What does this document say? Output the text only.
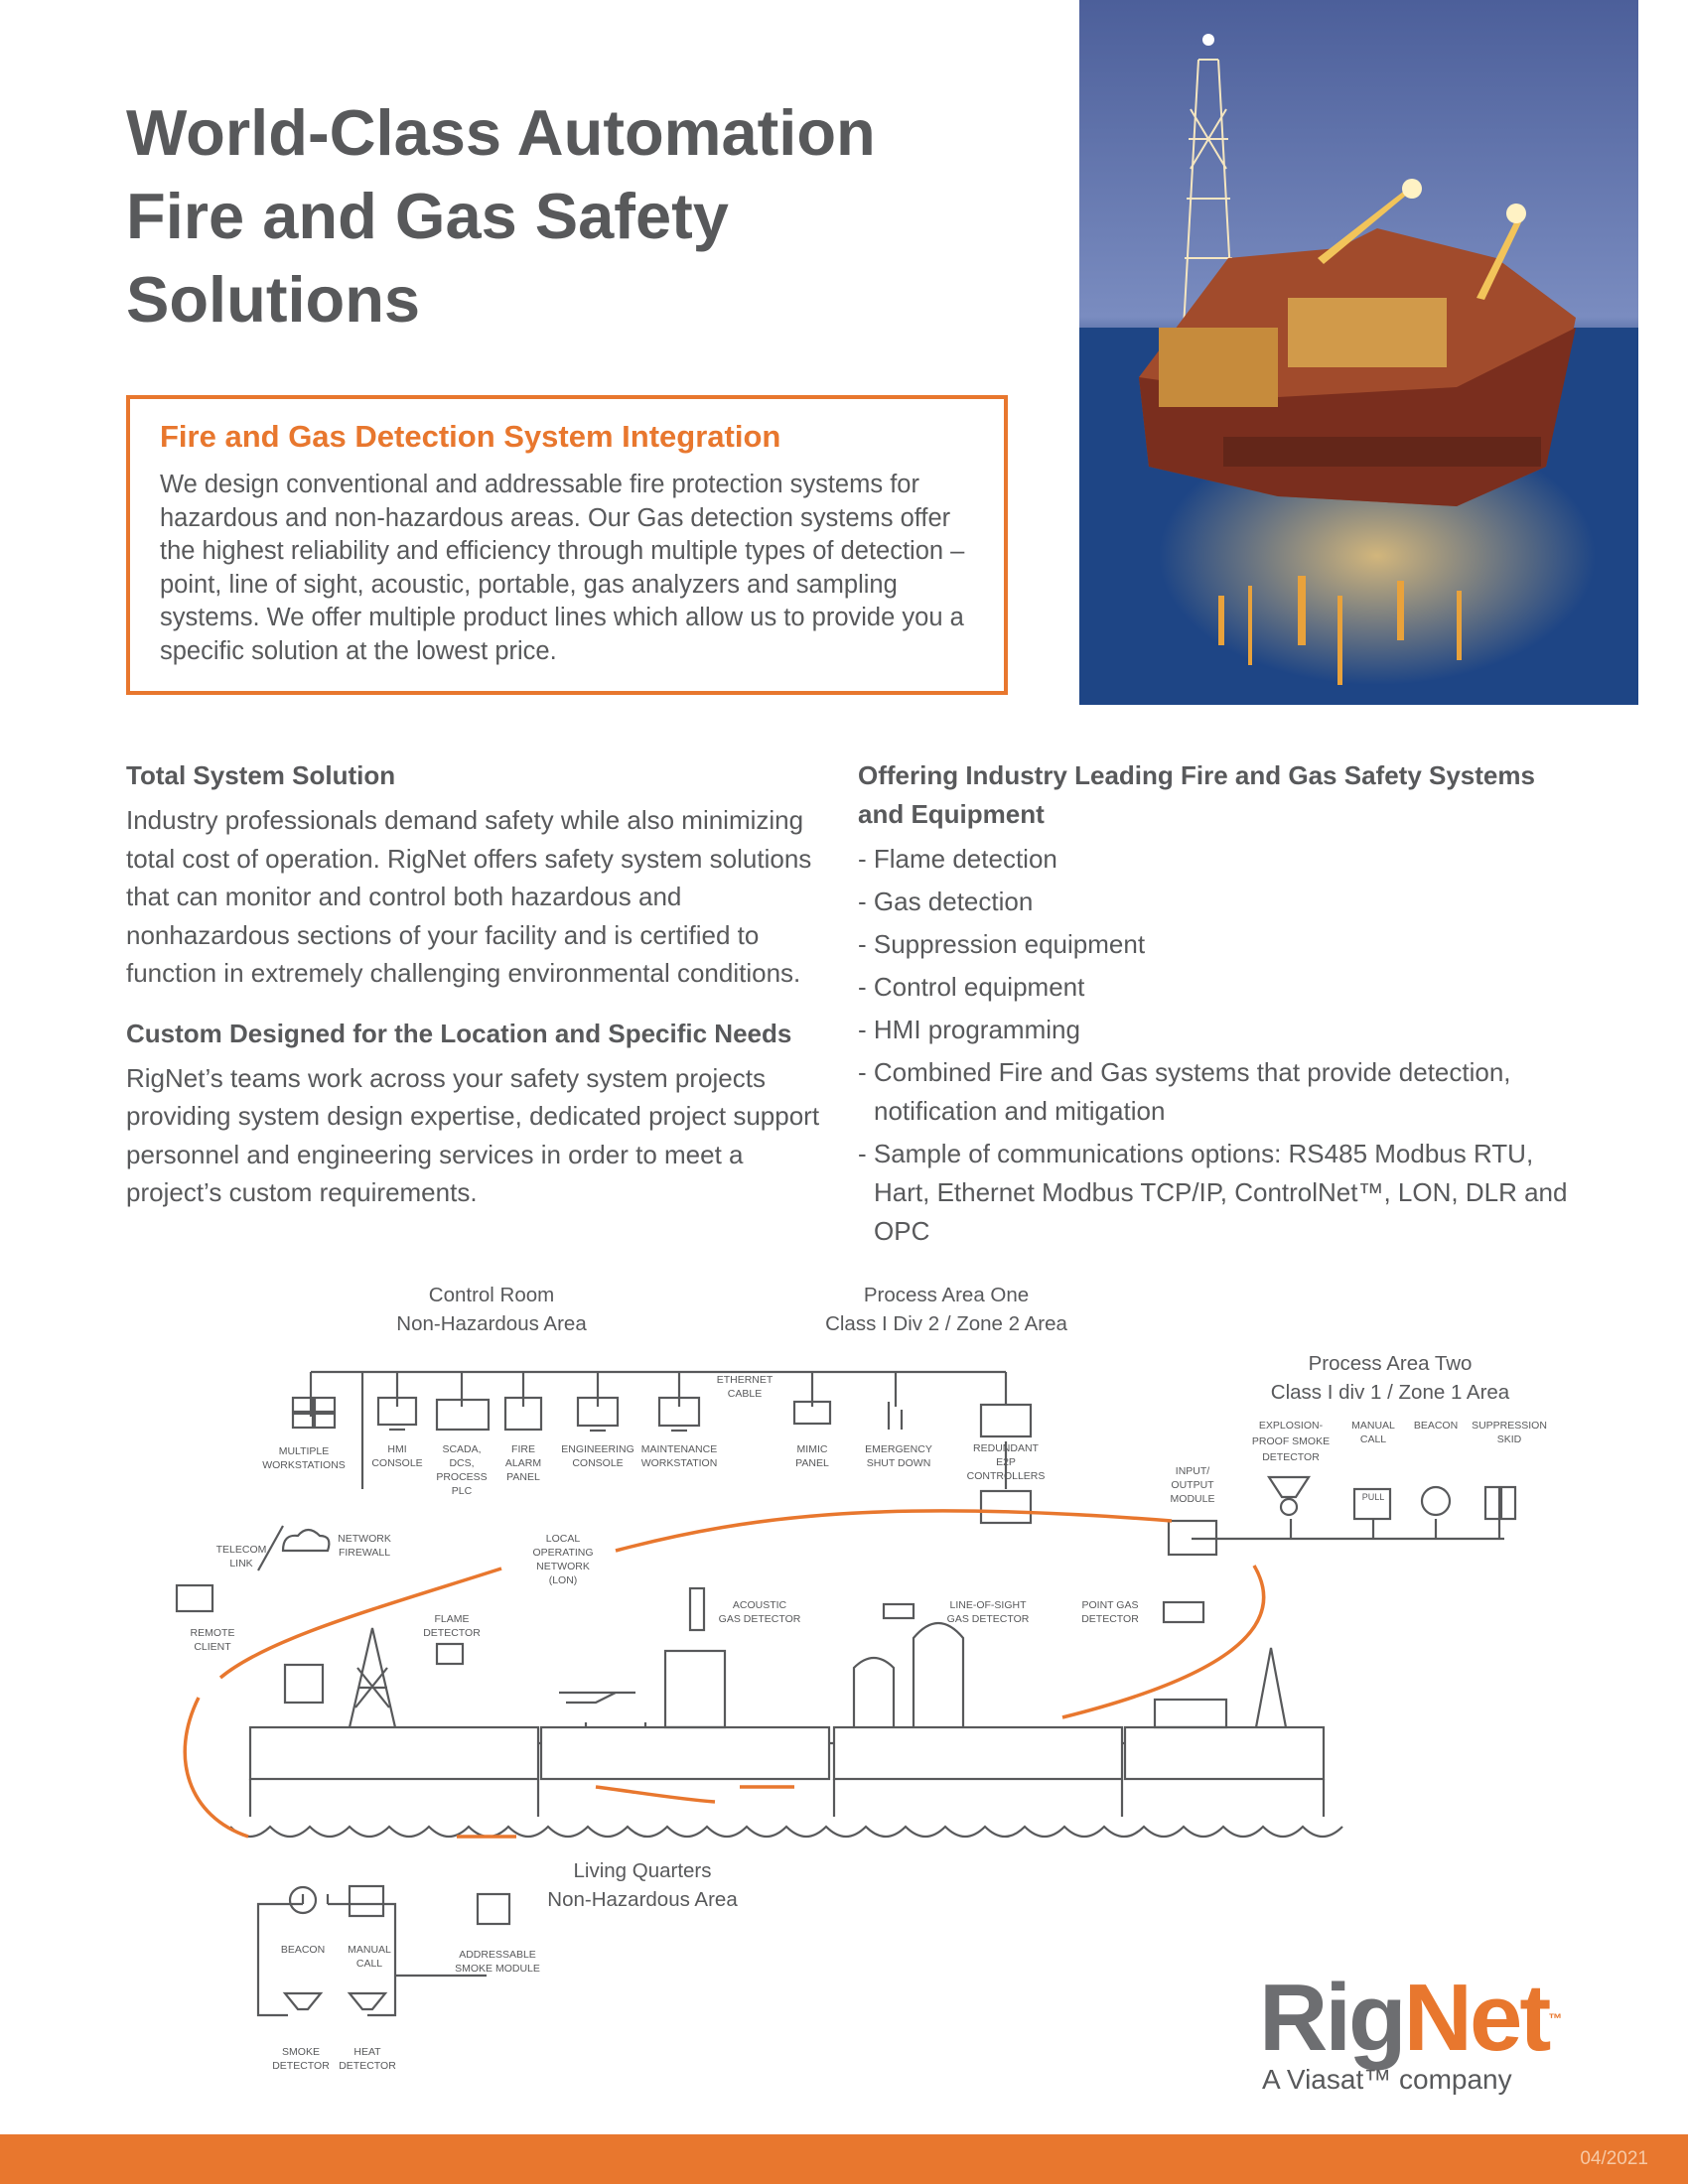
World-Class Automation
Fire and Gas Safety
Solutions
Fire and Gas Detection System Integration

We design conventional and addressable fire protection systems for hazardous and non-hazardous areas. Our Gas detection systems offer the highest reliability and efficiency through multiple types of detection – point, line of sight, acoustic, portable, gas analyzers and sampling systems. We offer multiple product lines which allow us to provide you a specific solution at the lowest price.

Total System Solution

Industry professionals demand safety while also minimizing total cost of operation. RigNet offers safety system solutions that can monitor and control both hazardous and nonhazardous sections of your facility and is certified to function in extremely challenging environmental conditions.

Custom Designed for the Location and Specific Needs

RigNet’s teams work across your safety system projects providing system design expertise, dedicated project support personnel and engineering services in order to meet a project’s custom requirements.

Offering Industry Leading Fire and Gas Safety Systems and Equipment
- Flame detection
- Gas detection
- Suppression equipment
- Control equipment
- HMI programming
- Combined Fire and Gas systems that provide detection, notification and mitigation
- Sample of communications options: RS485 Modbus RTU, Hart, Ethernet Modbus TCP/IP, ControlNet™, LON, DLR and OPC
Control Room
Non-Hazardous Area
Process Area One
Class I Div 2 / Zone 2 Area
Process Area Two
Class I div 1 / Zone 1 Area
Living Quarters
Non-Hazardous Area
ETHERNET
CABLE
MULTIPLE
WORKSTATIONS
HMI
CONSOLE
SCADA,
DCS,
PROCESS
PLC
FIRE
ALARM
PANEL
ENGINEERING
CONSOLE
MAINTENANCE
WORKSTATION
MIMIC
PANEL
EMERGENCY
SHUT DOWN
REDUNDANT
E2P
CONTROLLERS	INPUT/
OUTPUT
MODULE
EXPLOSION-
PROOF SMOKE
DETECTOR
MANUAL
CALL
BEACON SUPPRESSION
SKID
NETWORK
FIREWALL
TELECOM
LINK
REMOTE
CLIENT
LOCAL
OPERATING
NETWORK
(LON)
FLAME
DETECTOR
ACOUSTIC
GAS DETECTOR
LINE-OF-SIGHT
GAS DETECTOR
POINT GAS
DETECTOR
BEACON MANUAL
CALL
ADDRESSABLE
SMOKE MODULE
SMOKE
DETECTOR
HEAT
DETECTOR
PULL
RigNet™
A Viasat™ company
04/2021
